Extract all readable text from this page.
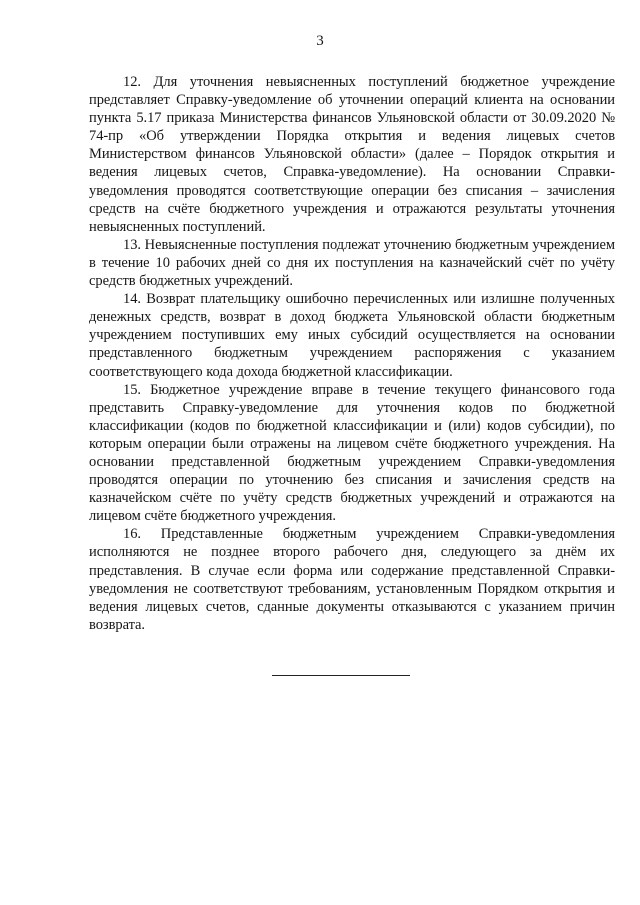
3

12. Для уточнения невыясненных поступлений бюджетное учреждение представляет Справку-уведомление об уточнении операций клиента на основании пункта 5.17 приказа Министерства финансов Ульяновской области от 30.09.2020 № 74-пр «Об утверждении Порядка открытия и ведения лицевых счетов Министерством финансов Ульяновской области» (далее – Порядок открытия и ведения лицевых счетов, Справка-уведомление). На основании Справки-уведомления проводятся соответствующие операции без списания – зачисления средств на счёте бюджетного учреждения и отражаются результаты уточнения невыясненных поступлений.

13. Невыясненные поступления подлежат уточнению бюджетным учреждением в течение 10 рабочих дней со дня их поступления на казначейский счёт по учёту средств бюджетных учреждений.

14. Возврат плательщику ошибочно перечисленных или излишне полученных денежных средств, возврат в доход бюджета Ульяновской области бюджетным учреждением поступивших ему иных субсидий осуществляется на основании представленного бюджетным учреждением распоряжения с указанием соответствующего кода дохода бюджетной классификации.

15. Бюджетное учреждение вправе в течение текущего финансового года представить Справку-уведомление для уточнения кодов по бюджетной классификации (кодов по бюджетной классификации и (или) кодов субсидии), по которым операции были отражены на лицевом счёте бюджетного учреждения. На основании представленной бюджетным учреждением Справки-уведомления проводятся операции по уточнению без списания и зачисления средств на казначейском счёте по учёту средств бюджетных учреждений и отражаются на лицевом счёте бюджетного учреждения.

16. Представленные бюджетным учреждением Справки-уведомления исполняются не позднее второго рабочего дня, следующего за днём их представления. В случае если форма или содержание представленной Справки-уведомления не соответствуют требованиям, установленным Порядком открытия и ведения лицевых счетов, сданные документы отказываются с указанием причин возврата.
